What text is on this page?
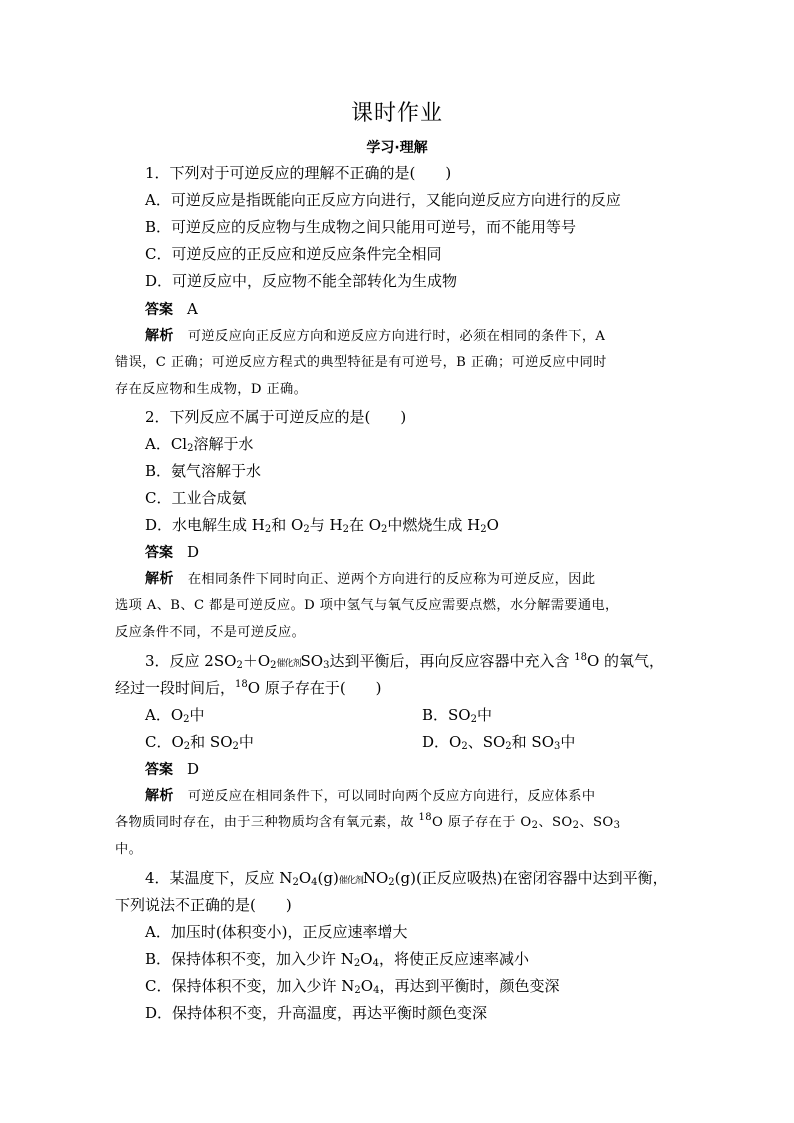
课时作业
学习·理解
1．下列对于可逆反应的理解不正确的是(　　)
A．可逆反应是指既能向正反应方向进行，又能向逆反应方向进行的反应
B．可逆反应的反应物与生成物之间只能用可逆号，而不能用等号
C．可逆反应的正反应和逆反应条件完全相同
D．可逆反应中，反应物不能全部转化为生成物
答案 A
解析 可逆反应向正反应方向和逆反应方向进行时，必须在相同的条件下，A
错误，C 正确；可逆反应方程式的典型特征是有可逆号，B 正确；可逆反应中同时
存在反应物和生成物，D 正确。
2．下列反应不属于可逆反应的是(　　)
A．$Cl_2$溶解于水
B．氨气溶解于水
C．工业合成氨
D．水电解生成 $H_2$和 $O_2$与 $H_2$在 $O_2$中燃烧生成 $H_2O$
答案 D
解析 在相同条件下同时向正、逆两个方向进行的反应称为可逆反应，因此
选项 A、B、C 都是可逆反应。D 项中氢气与氧气反应需要点燃，水分解需要通电，
反应条件不同，不是可逆反应。
3．反应 $2SO_2+O_2$催化剂$SO_3$达到平衡后，再向反应容器中充入含 $^{18}$O 的氧气，
经过一段时间后，$^{18}$O 原子存在于(　　)
A．$O_2$中	B．$SO_2$中
C．$O_2$和 $SO_2$中	D．$O_2$、$SO_2$和 $SO_3$中
答案 D
解析 可逆反应在相同条件下，可以同时向两个反应方向进行，反应体系中
各物质同时存在，由于三种物质均含有氧元素，故 $^{18}$O 原子存在于 $O_2$、$SO_2$、$SO_3$
中。
4．某温度下，反应 $N_2O_4(g)$催化剂$NO_2(g)$(正反应吸热)在密闭容器中达到平衡，
下列说法不正确的是(　　)
A．加压时(体积变小)，正反应速率增大
B．保持体积不变，加入少许 $N_2O_4$，将使正反应速率减小
C．保持体积不变，加入少许 $N_2O_4$，再达到平衡时，颜色变深
D．保持体积不变，升高温度，再达平衡时颜色变深
